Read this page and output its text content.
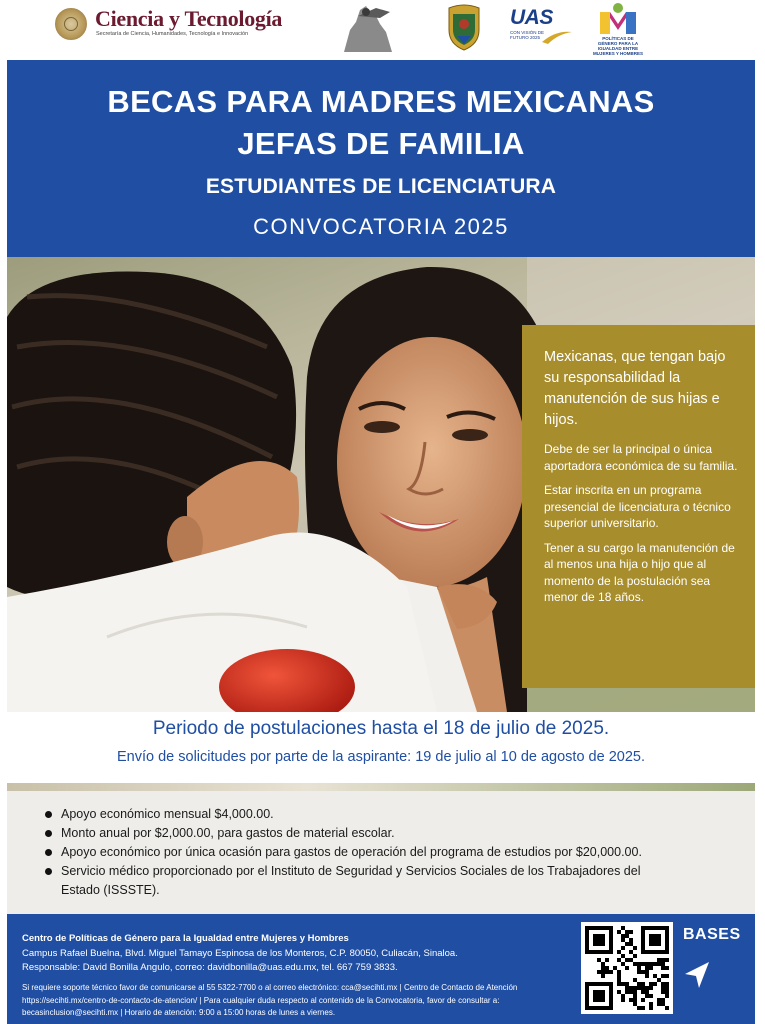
Ciencia y Tecnología
Secretaría de Ciencia, Humanidades, Tecnología e Innovación
UAS
CON VISIÓN DE FUTURO 2025	POLÍTICAS DE GÉNERO PARA LA IGUALDAD ENTRE MUJERES Y HOMBRES
BECAS PARA MADRES MEXICANAS
JEFAS DE FAMILIA
ESTUDIANTES DE LICENCIATURA
CONVOCATORIA 2025
Mexicanas, que tengan bajo su responsabilidad la manutención de sus hijas e hijos.
Debe de ser la principal o única aportadora económica de su familia.
Estar inscrita en un programa presencial de licenciatura o técnico superior universitario.
Tener a su cargo la manutención de al menos una hija o hijo que al momento de la postulación sea menor de 18 años.
Periodo de postulaciones hasta el 18 de julio de 2025.
Envío de solicitudes por parte de la aspirante: 19 de julio al 10 de agosto de 2025.
Apoyo económico mensual $4,000.00.
Monto anual por $2,000.00, para gastos de material escolar.
Apoyo económico por única ocasión para gastos de operación del programa de estudios por $20,000.00.
Servicio médico proporcionado por el Instituto de Seguridad y Servicios Sociales de los Trabajadores del
Estado (ISSSTE).
Centro de Políticas de Género para la Igualdad entre Mujeres y Hombres
Campus Rafael Buelna, Blvd. Miguel Tamayo Espinosa de los Monteros, C.P. 80050, Culiacán, Sinaloa.
Responsable: David Bonilla Angulo, correo: davidbonilla@uas.edu.mx, tel. 667 759 3833.
Si requiere soporte técnico favor de comunicarse al 55 5322-7700 o al correo electrónico: cca@secihti.mx | Centro de Contacto de Atención https://secihti.mx/centro-de-contacto-de-atencion/ | Para cualquier duda respecto al contenido de la Convocatoria, favor de consultar a: becasinclusion@secihti.mx | Horario de atención: 9:00 a 15:00 horas de lunes a viernes.
BASES
